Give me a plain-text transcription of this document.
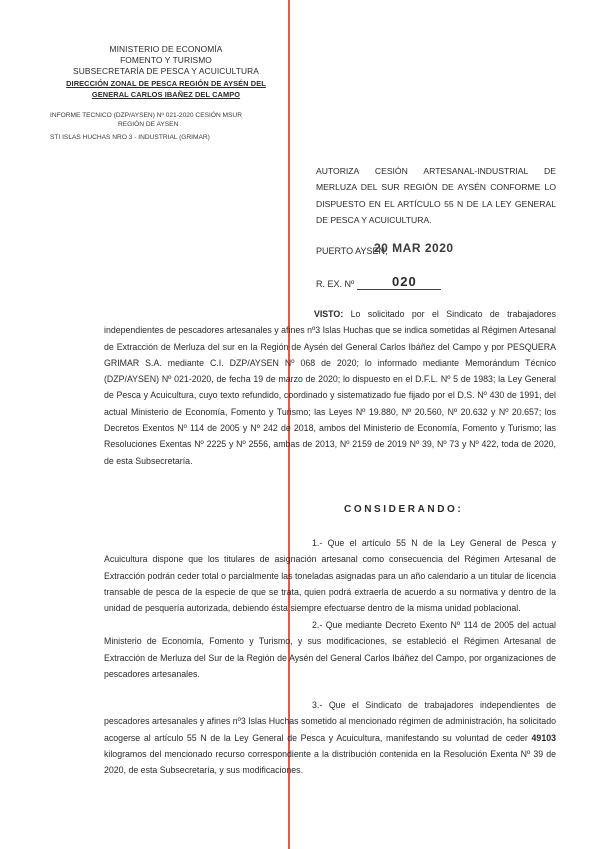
MINISTERIO DE ECONOMÍA
FOMENTO Y TURISMO
SUBSECRETARÍA DE PESCA Y ACUICULTURA
DIRECCIÓN ZONAL DE PESCA REGIÓN DE AYSÉN DEL
GENERAL CARLOS IBAÑEZ DEL CAMPO
INFORME TECNICO (DZP/AYSEN) Nº 021-2020 CESIÓN MSUR
REGIÓN DE AYSEN
STI ISLAS HUCHAS NRO 3 - INDUSTRIAL (GRIMAR)
AUTORIZA CESIÓN ARTESANAL-INDUSTRIAL DE MERLUZA DEL SUR REGIÓN DE AYSÉN CONFORME LO DISPUESTO EN EL ARTÍCULO 55 N DE LA LEY GENERAL DE PESCA Y ACUICULTURA.
PUERTO AYSEN,
20 MAR 2020
R. EX. Nº	020
VISTO: Lo solicitado por el Sindicato de trabajadores independientes de pescadores artesanales y afines nº3 Islas Huchas que se indica sometidas al Régimen Artesanal de Extracción de Merluza del sur en la Región de Aysén del General Carlos Ibáñez del Campo y por PESQUERA GRIMAR S.A. mediante C.I. DZP/AYSEN Nº 068 de 2020; lo informado mediante Memorándum Técnico (DZP/AYSEN) Nº 021-2020, de fecha 19 de marzo de 2020; lo dispuesto en el D.F.L. Nº 5 de 1983; la Ley General de Pesca y Acuicultura, cuyo texto refundido, coordinado y sistematizado fue fijado por el D.S. Nº 430 de 1991, del actual Ministerio de Economía, Fomento y Turismo; las Leyes Nº 19.880, Nº 20.560, Nº 20.632 y Nº 20.657; los Decretos Exentos Nº 114 de 2005 y Nº 242 de 2018, ambos del Ministerio de Economía, Fomento y Turismo; las Resoluciones Exentas Nº 2225 y Nº 2556, ambas de 2013, Nº 2159 de 2019 Nº 39, Nº 73 y Nº 422, toda de 2020, de esta Subsecretaría.
CONSIDERANDO:
1.- Que el artículo 55 N de la Ley General de Pesca y Acuicultura dispone que los titulares de asignación artesanal como consecuencia del Régimen Artesanal de Extracción podrán ceder total o parcialmente las toneladas asignadas para un año calendario a un titular de licencia transable de pesca de la especie de que se trata, quien podrá extraerla de acuerdo a su normativa y dentro de la unidad de pesquería autorizada, debiendo ésta siempre efectuarse dentro de la misma unidad poblacional.
2.- Que mediante Decreto Exento Nº 114 de 2005 del actual Ministerio de Economía, Fomento y Turismo, y sus modificaciones, se estableció el Régimen Artesanal de Extracción de Merluza del Sur de la Región de Aysén del General Carlos Ibáñez del Campo, por organizaciones de pescadores artesanales.
3.- Que el Sindicato de trabajadores independientes de pescadores artesanales y afines nº3 Islas Huchas sometido al mencionado régimen de administración, ha solicitado acogerse al artículo 55 N de la Ley General de Pesca y Acuicultura, manifestando su voluntad de ceder 49103 kilogramos del mencionado recurso correspondiente a la distribución contenida en la Resolución Exenta Nº 39 de 2020, de esta Subsecretaría, y sus modificaciones.
